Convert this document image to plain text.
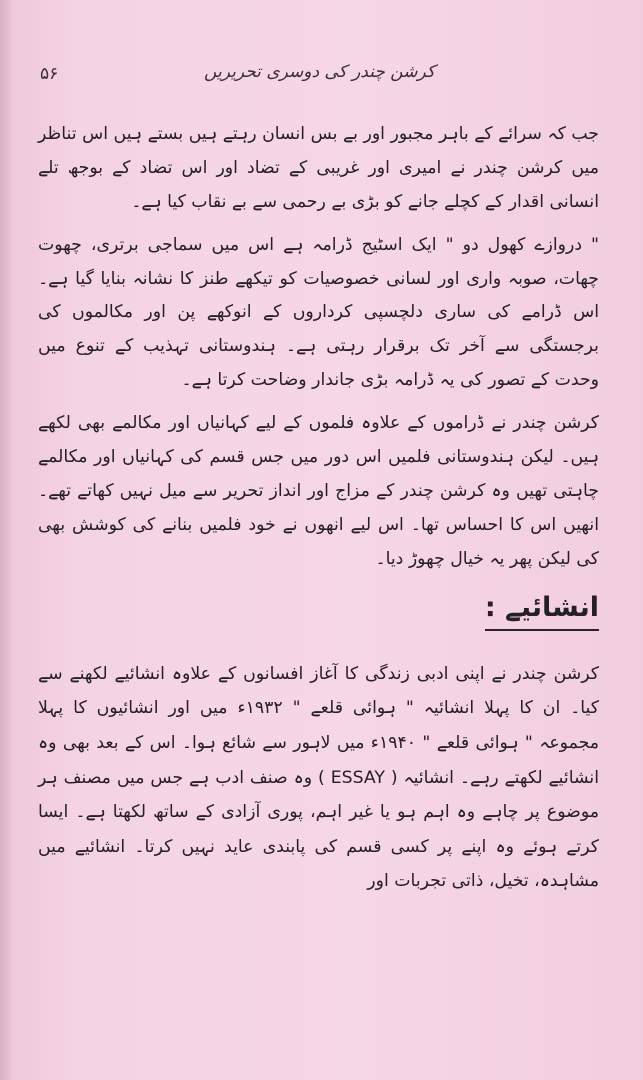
۵۶	کرشن چندر کی دوسری تحریریں

جب کہ سرائے کے باہر مجبور اور بے بس انسان رہتے ہیں بستے ہیں اس تناظر میں کرشن چندر نے امیری اور غریبی کے تضاد اور اس تضاد کے بوجھ تلے انسانی اقدار کے کچلے جانے کو بڑی بے رحمی سے بے نقاب کیا ہے۔

" دروازے کھول دو " ایک اسٹیج ڈرامہ ہے اس میں سماجی برتری، چھوت چھات، صوبہ واری اور لسانی خصوصیات کو تیکھے طنز کا نشانہ بنایا گیا ہے۔ اس ڈرامے کی ساری دلچسپی کرداروں کے انوکھے پن اور مکالموں کی برجستگی سے آخر تک برقرار رہتی ہے۔ ہندوستانی تہذیب کے تنوع میں وحدت کے تصور کی یہ ڈرامہ بڑی جاندار وضاحت کرتا ہے۔

کرشن چندر نے ڈراموں کے علاوہ فلموں کے لیے کہانیاں اور مکالمے بھی لکھے ہیں۔ لیکن ہندوستانی فلمیں اس دور میں جس قسم کی کہانیاں اور مکالمے چاہتی تھیں وہ کرشن چندر کے مزاج اور انداز تحریر سے میل نہیں کھاتے تھے۔ انھیں اس کا احساس تھا۔ اس لیے انھوں نے خود فلمیں بنانے کی کوشش بھی کی لیکن پھر یہ خیال چھوڑ دیا۔

انشائیے :

کرشن چندر نے اپنی ادبی زندگی کا آغاز افسانوں کے علاوہ انشائیے لکھنے سے کیا۔ ان کا پہلا انشائیہ " ہوائی قلعے " ۱۹۳۲ء میں اور انشائیوں کا پہلا مجموعہ " ہوائی قلعے " ۱۹۴۰ء میں لاہور سے شائع ہوا۔ اس کے بعد بھی وہ انشائیے لکھتے رہے۔ انشائیہ ( ESSAY ) وہ صنف ادب ہے جس میں مصنف ہر موضوع پر چاہے وہ اہم ہو یا غیر اہم، پوری آزادی کے ساتھ لکھتا ہے۔ ایسا کرتے ہوئے وہ اپنے پر کسی قسم کی پابندی عاید نہیں کرتا۔ انشائیے میں مشاہدہ، تخیل، ذاتی تجربات اور
